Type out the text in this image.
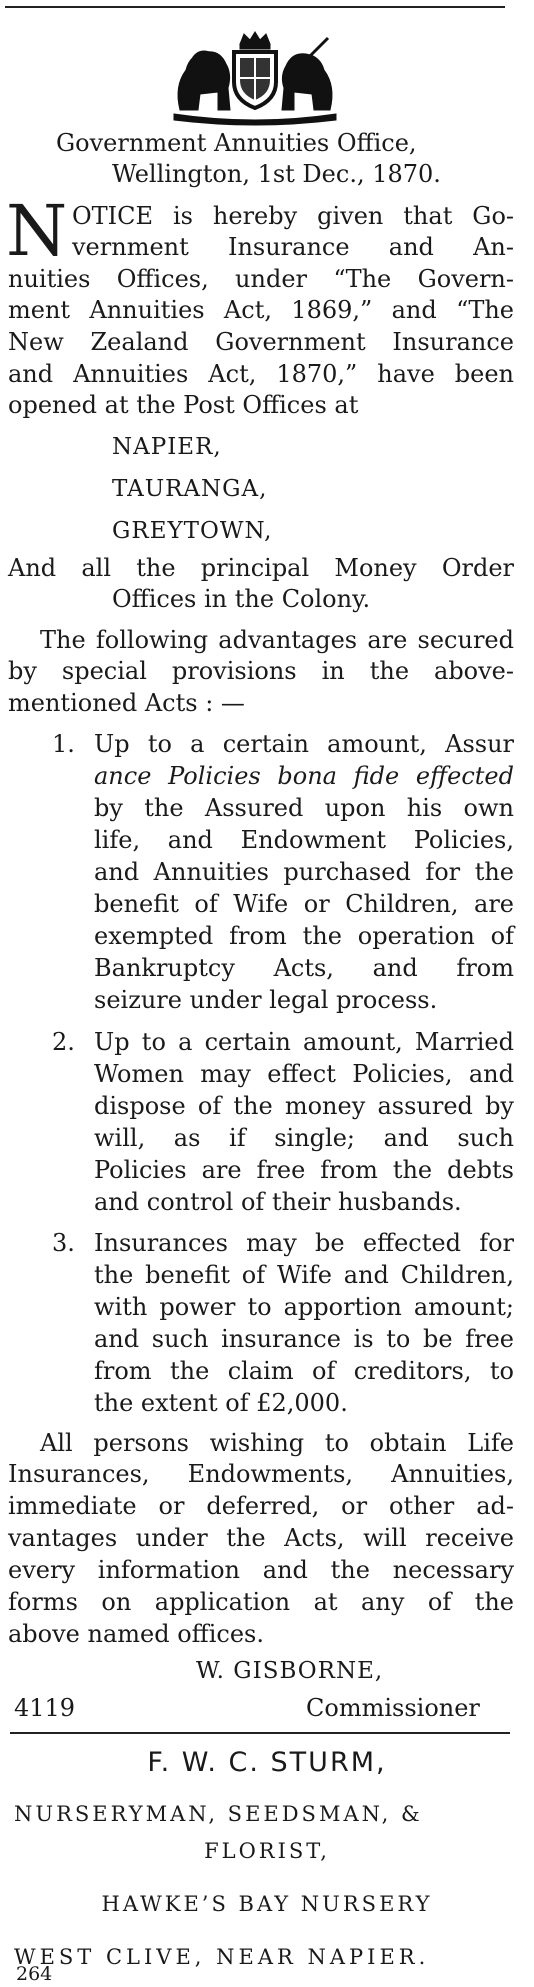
Government Annuities Office,
Wellington, 1st Dec., 1870.
N OTICE is hereby given that Go-
vernment Insurance and An-
nuities Offices, under “The Govern-
ment Annuities Act, 1869,” and “The
New Zealand Government Insurance
and Annuities Act, 1870,” have been
opened at the Post Offices at
NAPIER,
TAURANGA,
GREYTOWN,
And all the principal Money Order
Offices in the Colony.
The following advantages are secured
by special provisions in the above-
mentioned Acts : —
1. Up to a certain amount, Assur
ance Policies bona fide effected
by the Assured upon his own
life, and Endowment Policies,
and Annuities purchased for the
benefit of Wife or Children, are
exempted from the operation of
Bankruptcy Acts, and from
seizure under legal process.
2. Up to a certain amount, Married
Women may effect Policies, and
dispose of the money assured by
will, as if single; and such
Policies are free from the debts
and control of their husbands.
3. Insurances may be effected for
the benefit of Wife and Children,
with power to apportion amount;
and such insurance is to be free
from the claim of creditors, to
the extent of £2,000.
All persons wishing to obtain Life
Insurances, Endowments, Annuities,
immediate or deferred, or other ad-
vantages under the Acts, will receive
every information and the necessary
forms on application at any of the
above named offices.
W. GISBORNE,
4119	Commissioner
F. W. C. STURM,
NURSERYMAN, SEEDSMAN, &
FLORIST,
HAWKE’S BAY NURSERY
WEST CLIVE, NEAR NAPIER.
264
